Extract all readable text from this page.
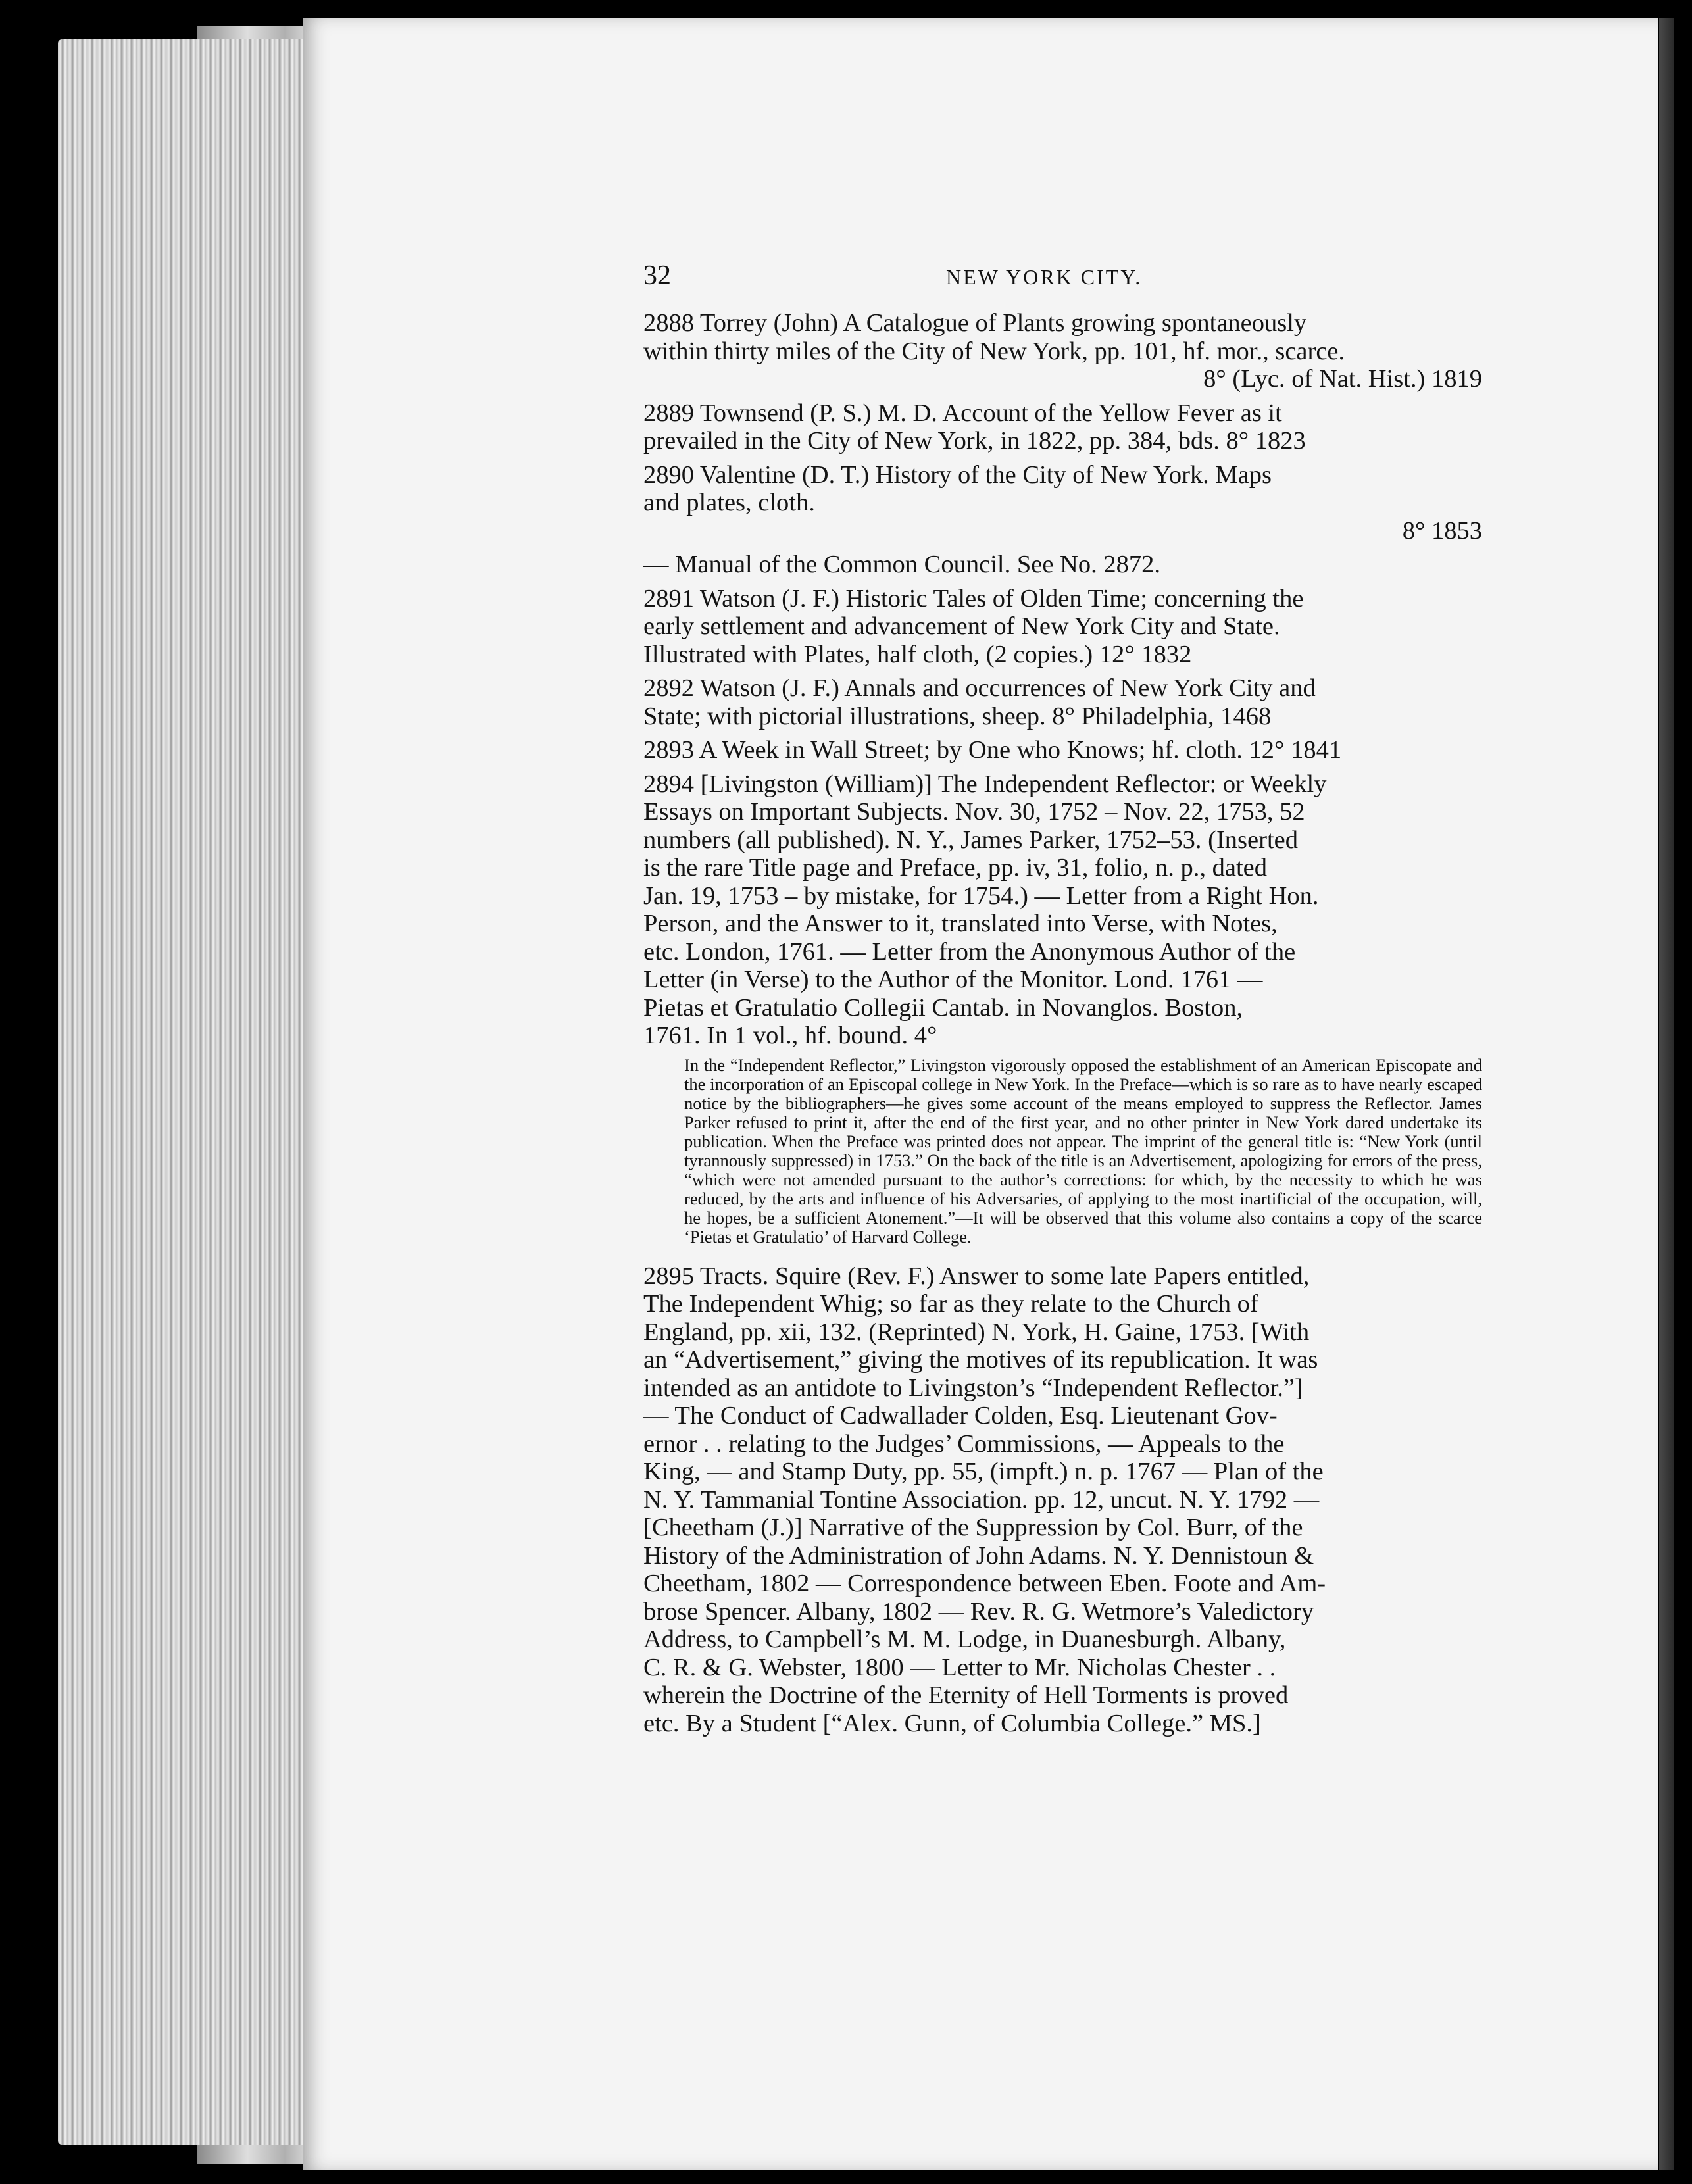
32	NEW YORK CITY.
2888 Torrey (John) A Catalogue of Plants growing spontaneously
within thirty miles of the City of New York, pp. 101, hf. mor., scarce.
8° (Lyc. of Nat. Hist.) 1819
2889 Townsend (P. S.) M. D. Account of the Yellow Fever as it
prevailed in the City of New York, in 1822, pp. 384, bds. 8° 1823
2890 Valentine (D. T.) History of the City of New York. Maps
and plates, cloth.
8° 1853
— Manual of the Common Council. See No. 2872.
2891 Watson (J. F.) Historic Tales of Olden Time; concerning the
early settlement and advancement of New York City and State.
Illustrated with Plates, half cloth, (2 copies.) 12° 1832
2892 Watson (J. F.) Annals and occurrences of New York City and
State; with pictorial illustrations, sheep. 8° Philadelphia, 1468
2893 A Week in Wall Street; by One who Knows; hf. cloth. 12° 1841
2894 [Livingston (William)] The Independent Reflector: or Weekly
Essays on Important Subjects. Nov. 30, 1752 – Nov. 22, 1753, 52
numbers (all published). N. Y., James Parker, 1752–53. (Inserted
is the rare Title page and Preface, pp. iv, 31, folio, n. p., dated
Jan. 19, 1753 – by mistake, for 1754.) — Letter from a Right Hon.
Person, and the Answer to it, translated into Verse, with Notes,
etc. London, 1761. — Letter from the Anonymous Author of the
Letter (in Verse) to the Author of the Monitor. Lond. 1761 —
Pietas et Gratulatio Collegii Cantab. in Novanglos. Boston,
1761. In 1 vol., hf. bound. 4°
In the “Independent Reflector,” Livingston vigorously opposed the establishment of an American Episcopate and the incorporation of an Episcopal college in New York. In the Preface—which is so rare as to have nearly escaped notice by the bibliographers—he gives some account of the means employed to suppress the Reflector. James Parker refused to print it, after the end of the first year, and no other printer in New York dared undertake its publication. When the Preface was printed does not appear. The imprint of the general title is: “New York (until tyrannously suppressed) in 1753.” On the back of the title is an Advertisement, apologizing for errors of the press, “which were not amended pursuant to the author’s corrections: for which, by the necessity to which he was reduced, by the arts and influence of his Adversaries, of applying to the most inartificial of the occupation, will, he hopes, be a sufficient Atonement.”—It will be observed that this volume also contains a copy of the scarce ‘Pietas et Gratulatio’ of Harvard College.
2895 Tracts. Squire (Rev. F.) Answer to some late Papers entitled,
The Independent Whig; so far as they relate to the Church of
England, pp. xii, 132. (Reprinted) N. York, H. Gaine, 1753. [With
an “Advertisement,” giving the motives of its republication. It was
intended as an antidote to Livingston’s “Independent Reflector.”]
— The Conduct of Cadwallader Colden, Esq. Lieutenant Gov-
ernor . . relating to the Judges’ Commissions, — Appeals to the
King, — and Stamp Duty, pp. 55, (impft.) n. p. 1767 — Plan of the
N. Y. Tammanial Tontine Association. pp. 12, uncut. N. Y. 1792 —
[Cheetham (J.)] Narrative of the Suppression by Col. Burr, of the
History of the Administration of John Adams. N. Y. Dennistoun &
Cheetham, 1802 — Correspondence between Eben. Foote and Am-
brose Spencer. Albany, 1802 — Rev. R. G. Wetmore’s Valedictory
Address, to Campbell’s M. M. Lodge, in Duanesburgh. Albany,
C. R. & G. Webster, 1800 — Letter to Mr. Nicholas Chester . .
wherein the Doctrine of the Eternity of Hell Torments is proved
etc. By a Student [“Alex. Gunn, of Columbia College.” MS.]
